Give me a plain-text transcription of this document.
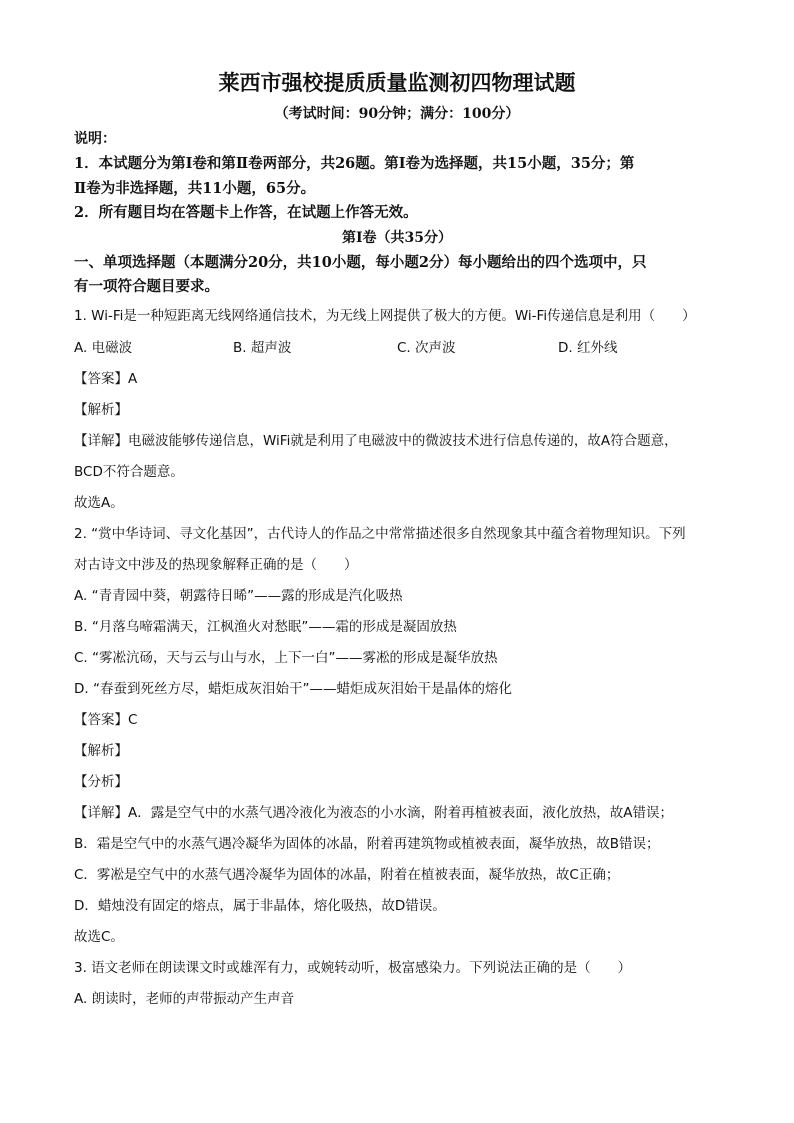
莱西市强校提质质量监测初四物理试题
（考试时间：90分钟；满分：100分）
说明：
1．本试题分为第Ⅰ卷和第Ⅱ卷两部分，共26题。第Ⅰ卷为选择题，共15小题，35分；第
Ⅱ卷为非选择题，共11小题，65分。
2．所有题目均在答题卡上作答，在试题上作答无效。
第Ⅰ卷（共35分）
一、单项选择题（本题满分20分，共10小题，每小题2分）每小题给出的四个选项中，只
有一项符合题目要求。
1. Wi-Fi是一种短距离无线网络通信技术，为无线上网提供了极大的方便。Wi-Fi传递信息是利用（　　）
A. 电磁波	B. 超声波	C. 次声波	D. 红外线
【答案】A
【解析】
【详解】电磁波能够传递信息，WiFi就是利用了电磁波中的微波技术进行信息传递的，故A符合题意，
BCD不符合题意。
故选A。
2. “赏中华诗词、寻文化基因”，古代诗人的作品之中常常描述很多自然现象其中蕴含着物理知识。下列
对古诗文中涉及的热现象解释正确的是（　　）
A. “青青园中葵，朝露待日晞”——露的形成是汽化吸热
B. “月落乌啼霜满天，江枫渔火对愁眠”——霜的形成是凝固放热
C. “雾凇沆砀，天与云与山与水，上下一白”——雾凇的形成是凝华放热
D. “春蚕到死丝方尽，蜡炬成灰泪始干”——蜡炬成灰泪始干是晶体的熔化
【答案】C
【解析】
【分析】
【详解】A．露是空气中的水蒸气遇冷液化为液态的小水滴，附着再植被表面，液化放热，故A错误；
B．霜是空气中的水蒸气遇冷凝华为固体的冰晶，附着再建筑物或植被表面，凝华放热，故B错误；
C．雾凇是空气中的水蒸气遇冷凝华为固体的冰晶，附着在植被表面，凝华放热，故C正确；
D．蜡烛没有固定的熔点，属于非晶体，熔化吸热，故D错误。
故选C。
3. 语文老师在朗读课文时或雄浑有力，或婉转动听，极富感染力。下列说法正确的是（　　）
A. 朗读时，老师的声带振动产生声音
